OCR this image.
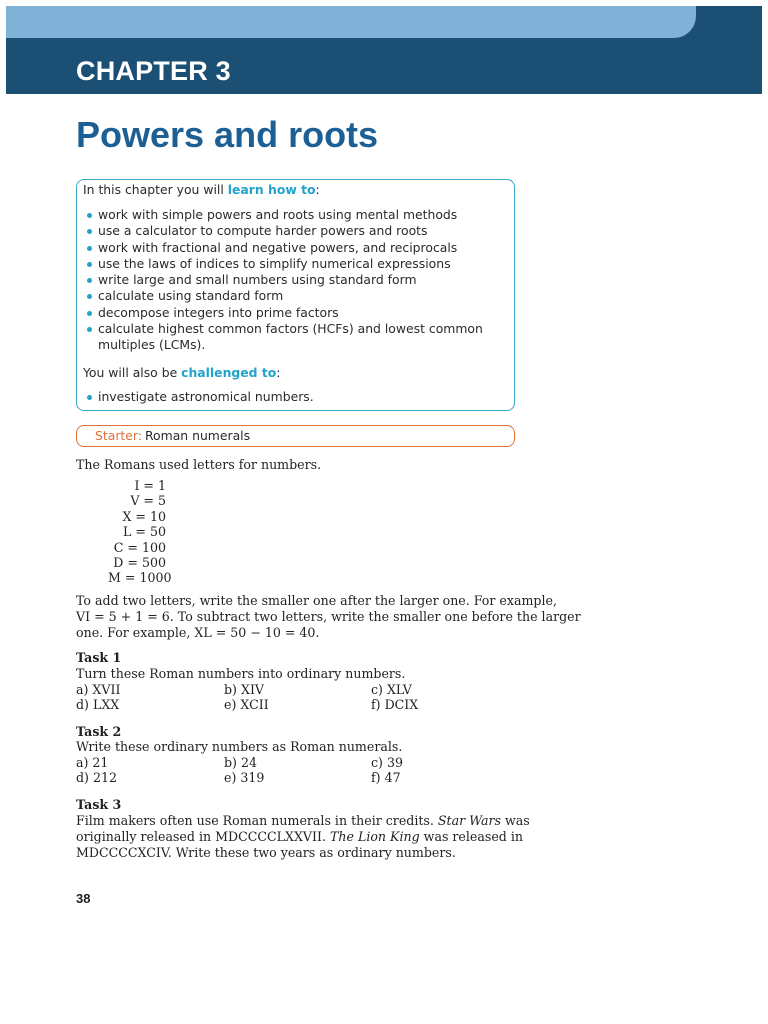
CHAPTER 3
Powers and roots
In this chapter you will learn how to:
work with simple powers and roots using mental methods
use a calculator to compute harder powers and roots
work with fractional and negative powers, and reciprocals
use the laws of indices to simplify numerical expressions
write large and small numbers using standard form
calculate using standard form
decompose integers into prime factors
calculate highest common factors (HCFs) and lowest common multiples (LCMs).
You will also be challenged to:
investigate astronomical numbers.
Starter: Roman numerals
The Romans used letters for numbers.
I = 1
V = 5
X = 10
L = 50
C = 100
D = 500
M = 1000
To add two letters, write the smaller one after the larger one. For example,
VI = 5 + 1 = 6. To subtract two letters, write the smaller one before the larger
one. For example, XL = 50 − 10 = 40.
Task 1
Turn these Roman numbers into ordinary numbers.
a) XVII	b) XIV	c) XLV
d) LXX	e) XCII	f) DCIX
Task 2
Write these ordinary numbers as Roman numerals.
a) 21	b) 24	c) 39
d) 212	e) 319	f) 47
Task 3
Film makers often use Roman numerals in their credits. Star Wars was
originally released in MDCCCCLXXVII. The Lion King was released in
MDCCCCXCIV. Write these two years as ordinary numbers.
38
